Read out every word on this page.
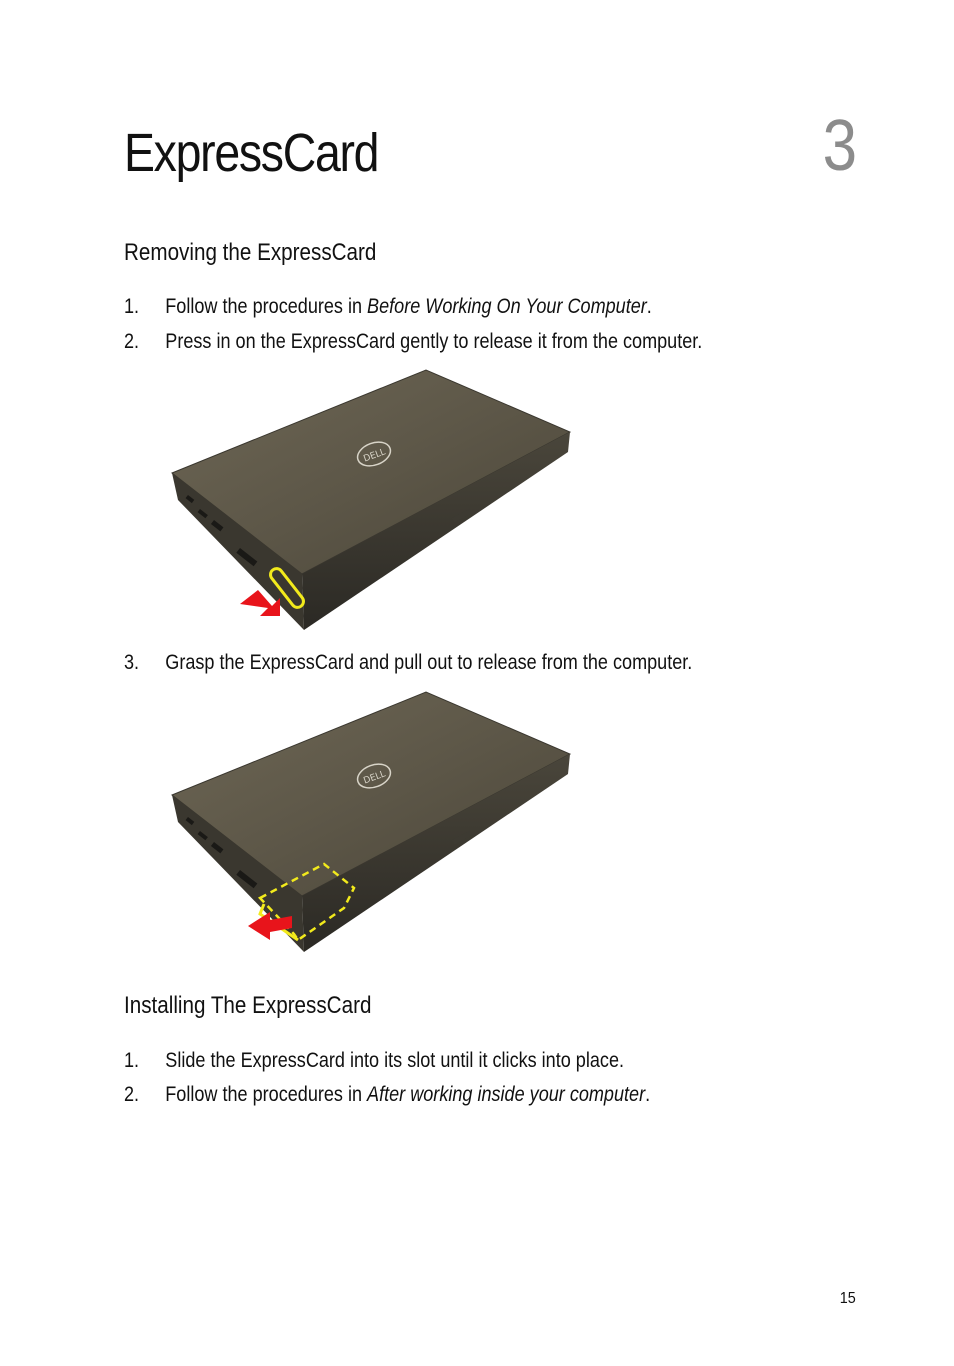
ExpressCard	3
Removing the ExpressCard
1. Follow the procedures in Before Working On Your Computer.
2. Press in on the ExpressCard gently to release it from the computer.
DELL
3. Grasp the ExpressCard and pull out to release from the computer.
DELL
Installing The ExpressCard
1. Slide the ExpressCard into its slot until it clicks into place.
2. Follow the procedures in After working inside your computer.
15
